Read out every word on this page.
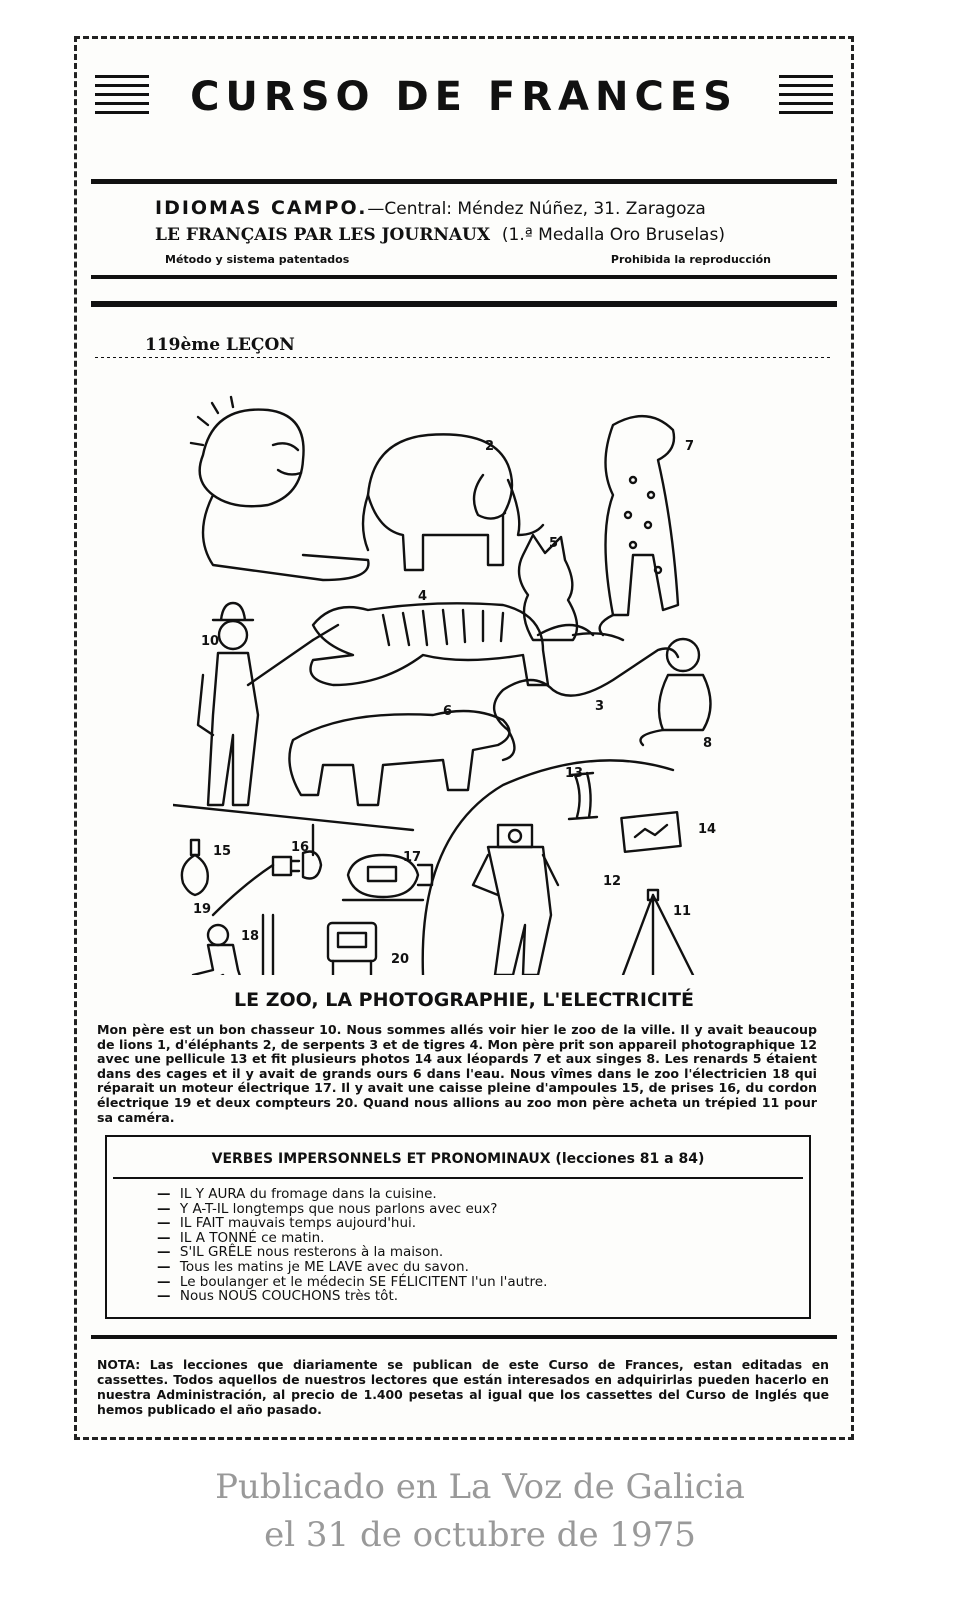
CURSO DE FRANCES
IDIOMAS CAMPO.—Central: Méndez Núñez, 31. Zaragoza
LE FRANÇAIS PAR LES JOURNAUX (1.ª Medalla Oro Bruselas)
Método y sistema patentados	Prohibida la reproducción
119ème LEÇON
2
3
4
5
6
7
8
10
11
12
13
14
15	16
17
18
19
20
LE ZOO, LA PHOTOGRAPHIE, L'ELECTRICITÉ
Mon père est un bon chasseur 10. Nous sommes allés voir hier le zoo de la ville. Il y avait beaucoup de lions 1, d'éléphants 2, de serpents 3 et de tigres 4. Mon père prit son appareil photographique 12 avec une pellicule 13 et fit plusieurs photos 14 aux léopards 7 et aux singes 8. Les renards 5 étaient dans des cages et il y avait de grands ours 6 dans l'eau. Nous vîmes dans le zoo l'électricien 18 qui réparait un moteur électrique 17. Il y avait une caisse pleine d'ampoules 15, de prises 16, du cordon électrique 19 et deux compteurs 20. Quand nous allions au zoo mon père acheta un trépied 11 pour sa caméra.
VERBES IMPERSONNELS ET PRONOMINAUX (lecciones 81 a 84)
—  IL Y AURA du fromage dans la cuisine.
—  Y A-T-IL longtemps que nous parlons avec eux?
—  IL FAIT mauvais temps aujourd'hui.
—  IL A TONNÉ ce matin.
—  S'IL GRÊLE nous resterons à la maison.
—  Tous les matins je ME LAVE avec du savon.
—  Le boulanger et le médecin SE FÉLICITENT l'un l'autre.
—  Nous NOUS COUCHONS très tôt.
NOTA: Las lecciones que diariamente se publican de este Curso de Frances, estan editadas en cassettes. Todos aquellos de nuestros lectores que están interesados en adquirirlas pueden hacerlo en nuestra Administración, al precio de 1.400 pesetas al igual que los cassettes del Curso de Inglés que hemos publicado el año pasado.
Publicado en La Voz de Galicia
el 31 de octubre de 1975
